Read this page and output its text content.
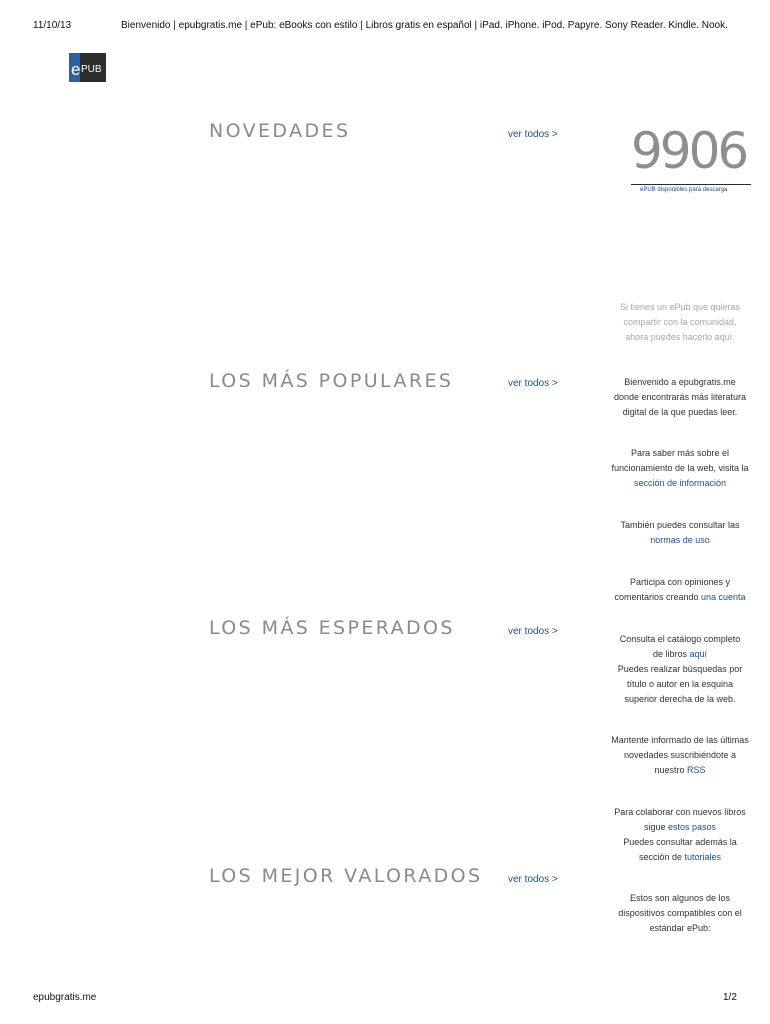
11/10/13	Bienvenido | epubgratis.me | ePub: eBooks con estilo | Libros gratis en español | iPad. iPhone. iPod. Papyre. Sony Reader. Kindle. Nook.
e PUB
NOVEDADES	ver todos >
LOS MÁS POPULARES	ver todos >
LOS MÁS ESPERADOS	ver todos >
LOS MEJOR VALORADOS	ver todos >
9906
ePUB disponibles para descarga
Si tienes un ePub que quieras
compartir con la comunidad,
ahora puedes hacerlo aquí.
Bienvenido a epubgratis.me
donde encontrarás más literatura
digital de la que puedas leer.
Para saber más sobre el
funcionamiento de la web, visita la
sección de información
También puedes consultar las
normas de uso
Participa con opiniones y
comentarios creando una cuenta
Consulta el catálogo completo
de libros aquí
Puedes realizar búsquedas por
título o autor en la esquina
superior derecha de la web.
Mantente informado de las últimas
novedades suscribiéndote a
nuestro RSS
Para colaborar con nuevos libros
sigue estos pasos
Puedes consultar además la
sección de tutoriales
Estos son algunos de los
dispositivos compatibles con el
estándar ePub:
epubgratis.me	1/2
